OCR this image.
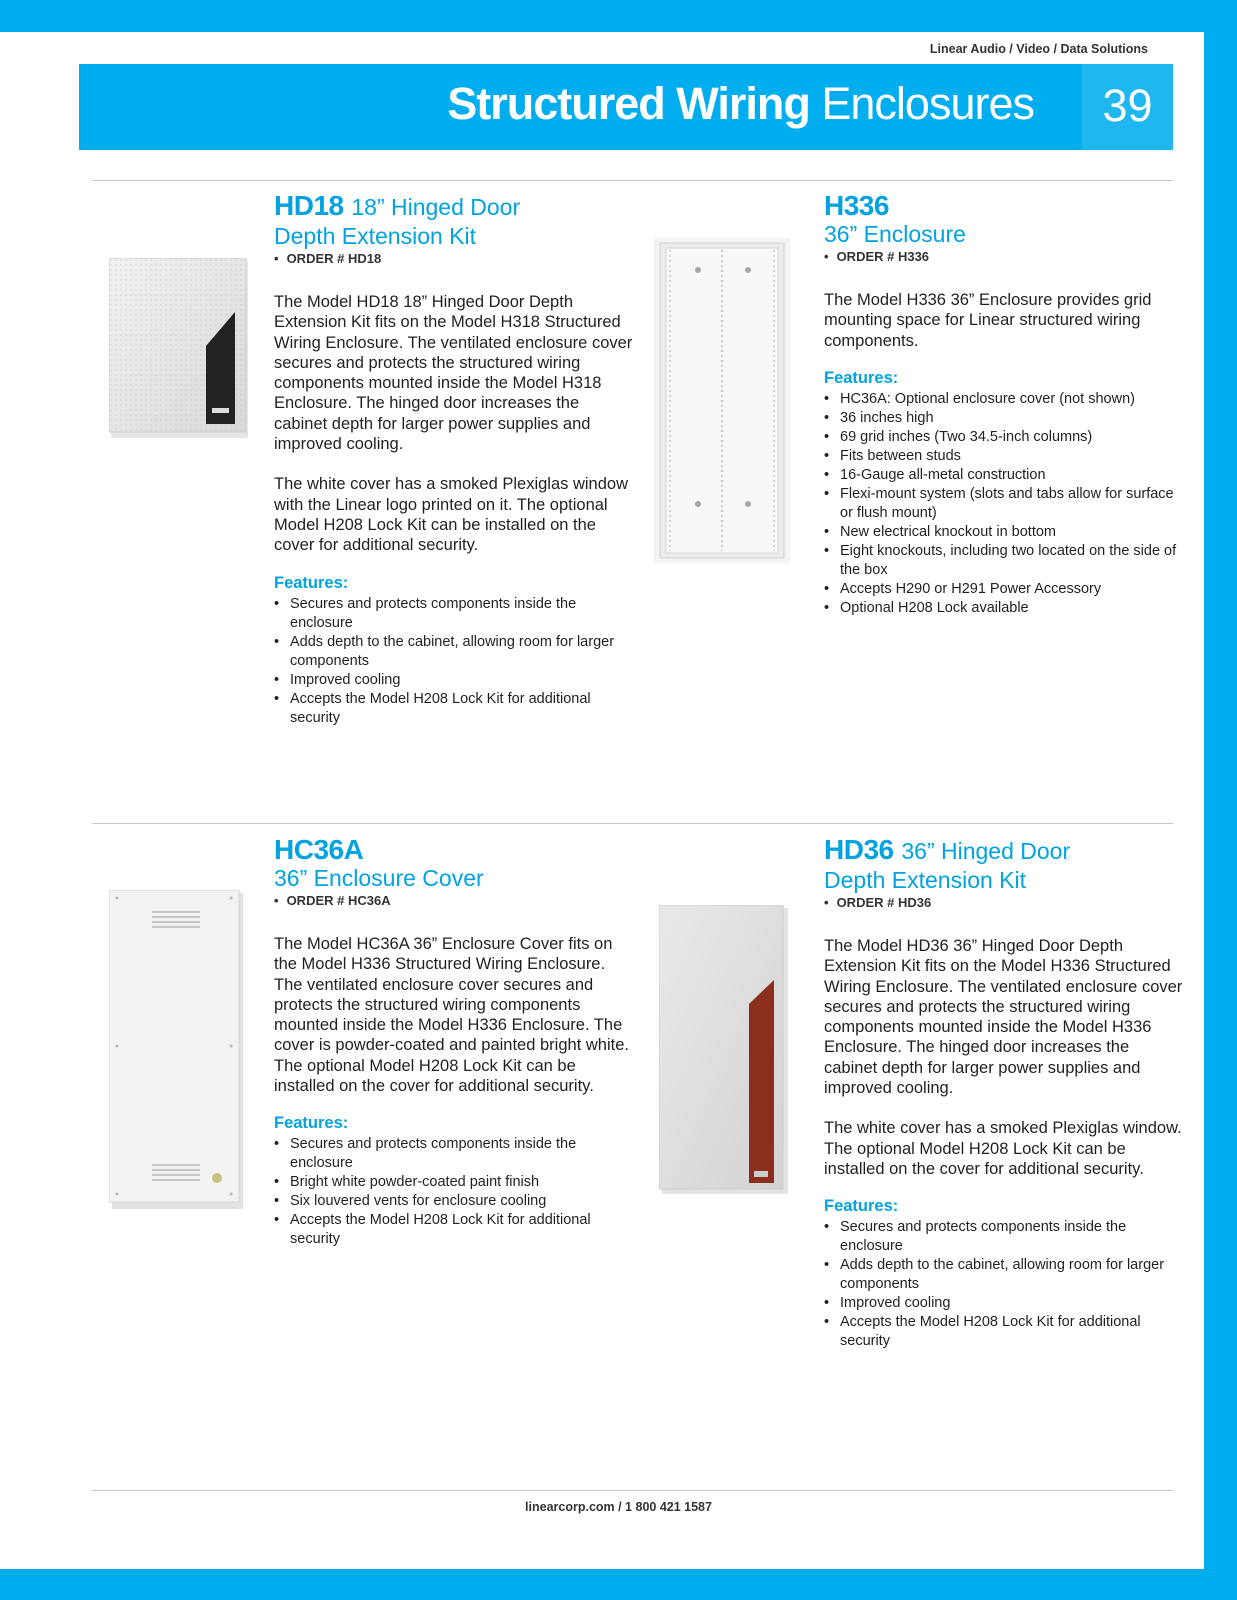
Linear Audio / Video / Data Solutions
Structured Wiring Enclosures	39
HD18 18” Hinged Door
Depth Extension Kit
• ORDER # HD18
The Model HD18 18” Hinged Door Depth Extension Kit fits on the Model H318 Structured Wiring Enclosure. The ventilated enclosure cover secures and protects the structured wiring components mounted inside the Model H318 Enclosure. The hinged door increases the cabinet depth for larger power supplies and improved cooling.
The white cover has a smoked Plexiglas window with the Linear logo printed on it. The optional Model H208 Lock Kit can be installed on the cover for additional security.
Features:
• Secures and protects components inside the enclosure
• Adds depth to the cabinet, allowing room for larger components
• Improved cooling
• Accepts the Model H208 Lock Kit for additional security
H336
36” Enclosure
• ORDER # H336
The Model H336 36” Enclosure provides grid mounting space for Linear structured wiring components.
Features:
• HC36A: Optional enclosure cover (not shown)
• 36 inches high
• 69 grid inches (Two 34.5-inch columns)
• Fits between studs
• 16-Gauge all-metal construction
• Flexi-mount system (slots and tabs allow for surface or flush mount)
• New electrical knockout in bottom
• Eight knockouts, including two located on the side of the box
• Accepts H290 or H291 Power Accessory
• Optional H208 Lock available
HC36A
36” Enclosure Cover
• ORDER # HC36A
The Model HC36A 36” Enclosure Cover fits on the Model H336 Structured Wiring Enclosure. The ventilated enclosure cover secures and protects the structured wiring components mounted inside the Model H336 Enclosure. The cover is powder-coated and painted bright white. The optional Model H208 Lock Kit can be installed on the cover for additional security.
Features:
• Secures and protects components inside the enclosure
• Bright white powder-coated paint finish
• Six louvered vents for enclosure cooling
• Accepts the Model H208 Lock Kit for additional security
HD36 36” Hinged Door
Depth Extension Kit
• ORDER # HD36
The Model HD36 36” Hinged Door Depth Extension Kit fits on the Model H336 Structured Wiring Enclosure. The ventilated enclosure cover secures and protects the structured wiring components mounted inside the Model H336 Enclosure. The hinged door increases the cabinet depth for larger power supplies and improved cooling.
The white cover has a smoked Plexiglas window. The optional Model H208 Lock Kit can be installed on the cover for additional security.
Features:
• Secures and protects components inside the enclosure
• Adds depth to the cabinet, allowing room for larger components
• Improved cooling
• Accepts the Model H208 Lock Kit for additional security
linearcorp.com / 1 800 421 1587
